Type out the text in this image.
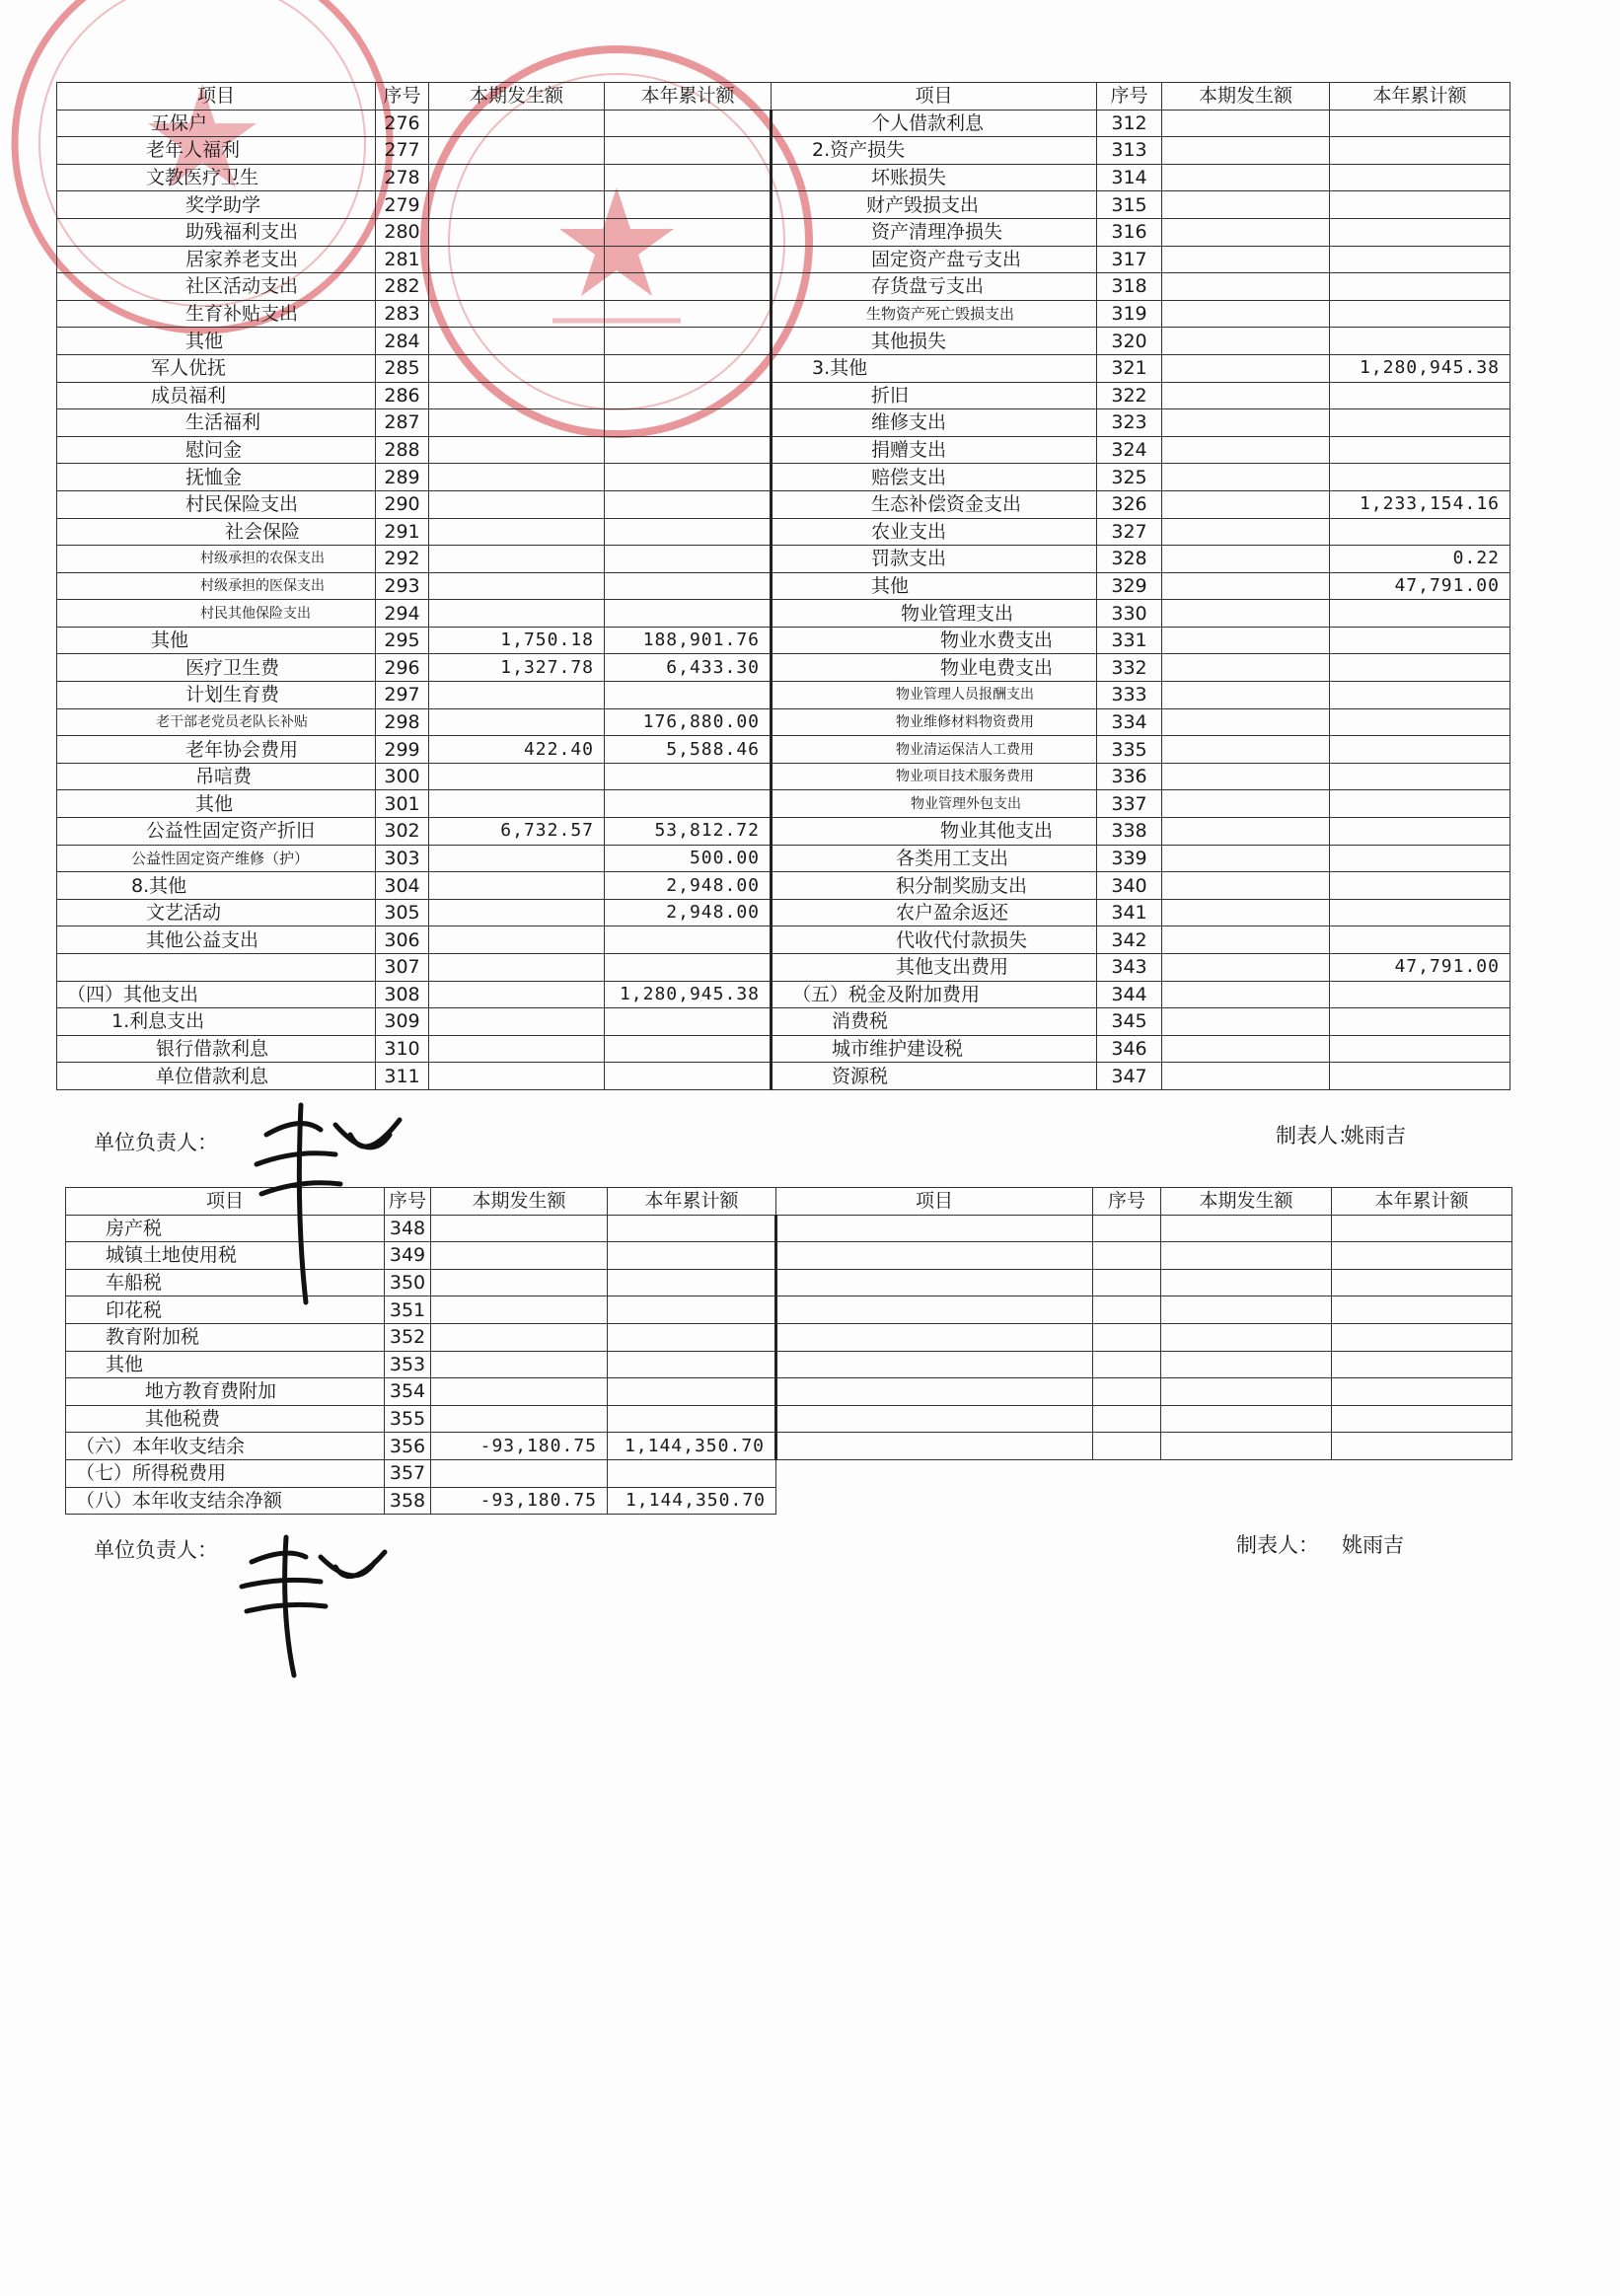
项目	序号	本期发生额	本年累计额	项目	序号	本期发生额	本年累计额
五保户	276			个人借款利息	312		
老年人福利	277			2.资产损失	313		
文教医疗卫生	278			坏账损失	314		
奖学助学	279			财产毁损支出	315		
助残福利支出	280			资产清理净损失	316		
居家养老支出	281			固定资产盘亏支出	317		
社区活动支出	282			存货盘亏支出	318		
生育补贴支出	283			生物资产死亡毁损支出	319		
其他	284			其他损失	320		
军人优抚	285			3.其他	321		1,280,945.38
成员福利	286			折旧	322		
生活福利	287			维修支出	323		
慰问金	288			捐赠支出	324		
抚恤金	289			赔偿支出	325		
村民保险支出	290			生态补偿资金支出	326		1,233,154.16
社会保险	291			农业支出	327		
村级承担的农保支出	292			罚款支出	328		0.22
村级承担的医保支出	293			其他	329		47,791.00
村民其他保险支出	294			物业管理支出	330		
其他	295	1,750.18	188,901.76	物业水费支出	331		
医疗卫生费	296	1,327.78	6,433.30	物业电费支出	332		
计划生育费	297			物业管理人员报酬支出	333		
老干部老党员老队长补贴	298		176,880.00	物业维修材料物资费用	334		
老年协会费用	299	422.40	5,588.46	物业清运保洁人工费用	335		
吊唁费	300			物业项目技术服务费用	336		
其他	301			物业管理外包支出	337		
公益性固定资产折旧	302	6,732.57	53,812.72	物业其他支出	338		
公益性固定资产维修（护）	303		500.00	各类用工支出	339		
8.其他	304		2,948.00	积分制奖励支出	340		
文艺活动	305		2,948.00	农户盈余返还	341		
其他公益支出	306			代收代付款损失	342		
	307			其他支出费用	343		47,791.00
（四）其他支出	308		1,280,945.38	（五）税金及附加费用	344		
1.利息支出	309			消费税	345		
银行借款利息	310			城市维护建设税	346		
单位借款利息	311			资源税	347		
单位负责人：	制表人：
姚雨吉
项目	序号	本期发生额	本年累计额	项目	序号	本期发生额	本年累计额
房产税	348						
城镇土地使用税	349						
车船税	350						
印花税	351						
教育附加税	352						
其他	353						
地方教育费附加	354						
其他税费	355						
（六）本年收支结余	356	-93,180.75	1,144,350.70				
（七）所得税费用	357						
（八）本年收支结余净额	358	-93,180.75	1,144,350.70				
单位负责人：	制表人： 姚雨吉
